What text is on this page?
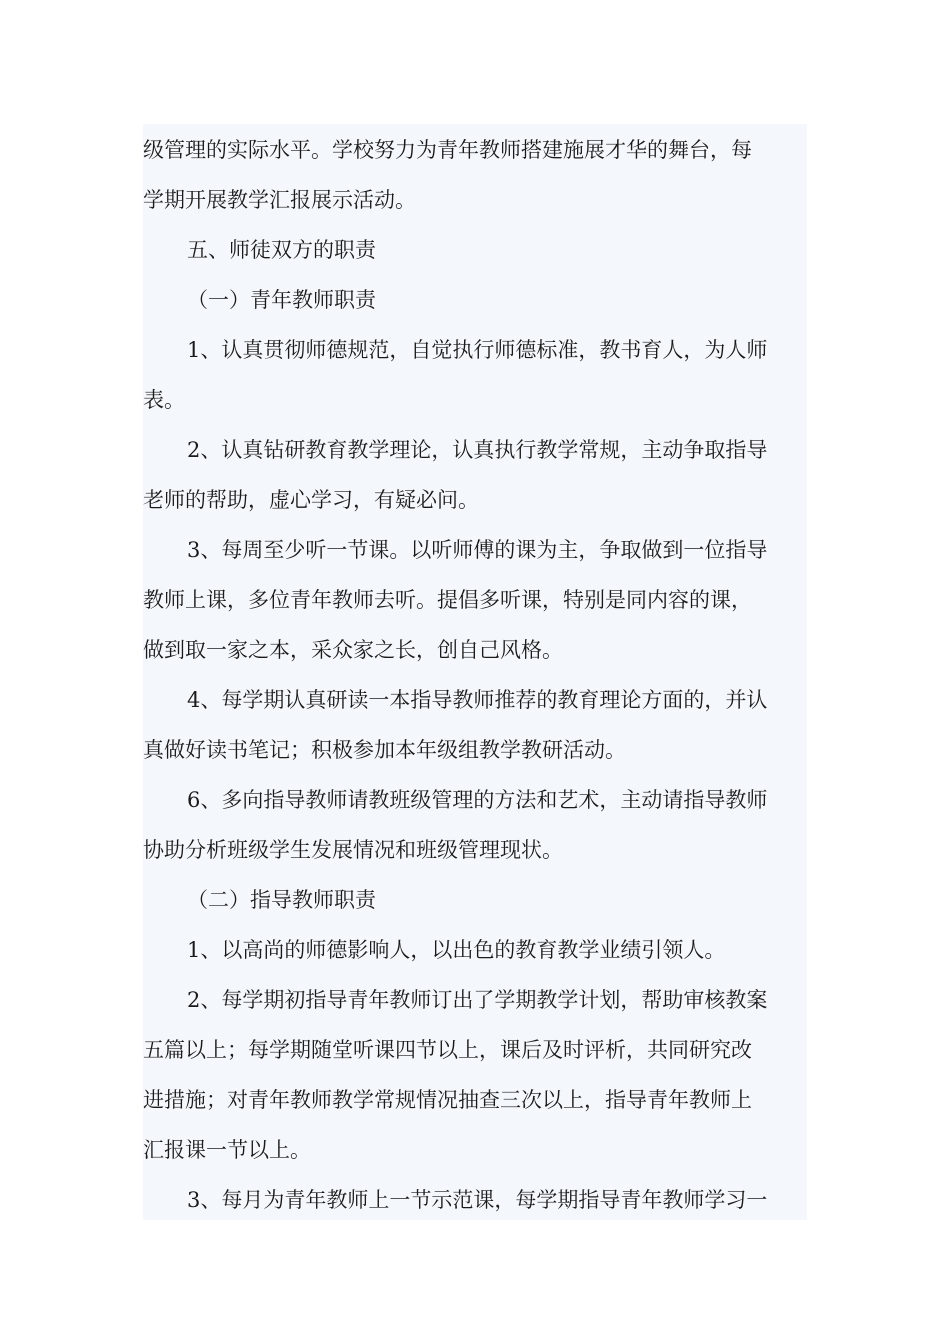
级管理的实际水平。学校努力为青年教师搭建施展才华的舞台，每
学期开展教学汇报展示活动。
五、师徒双方的职责
（一）青年教师职责
1、认真贯彻师德规范，自觉执行师德标准，教书育人，为人师
表。
2、认真钻研教育教学理论，认真执行教学常规，主动争取指导
老师的帮助，虚心学习，有疑必问。
3、每周至少听一节课。以听师傅的课为主，争取做到一位指导
教师上课，多位青年教师去听。提倡多听课，特别是同内容的课，
做到取一家之本，采众家之长，创自己风格。
4、每学期认真研读一本指导教师推荐的教育理论方面的，并认
真做好读书笔记；积极参加本年级组教学教研活动。
6、多向指导教师请教班级管理的方法和艺术，主动请指导教师
协助分析班级学生发展情况和班级管理现状。
（二）指导教师职责
1、以高尚的师德影响人，以出色的教育教学业绩引领人。
2、每学期初指导青年教师订出了学期教学计划，帮助审核教案
五篇以上；每学期随堂听课四节以上，课后及时评析，共同研究改
进措施；对青年教师教学常规情况抽查三次以上，指导青年教师上
汇报课一节以上。
3、每月为青年教师上一节示范课，每学期指导青年教师学习一
